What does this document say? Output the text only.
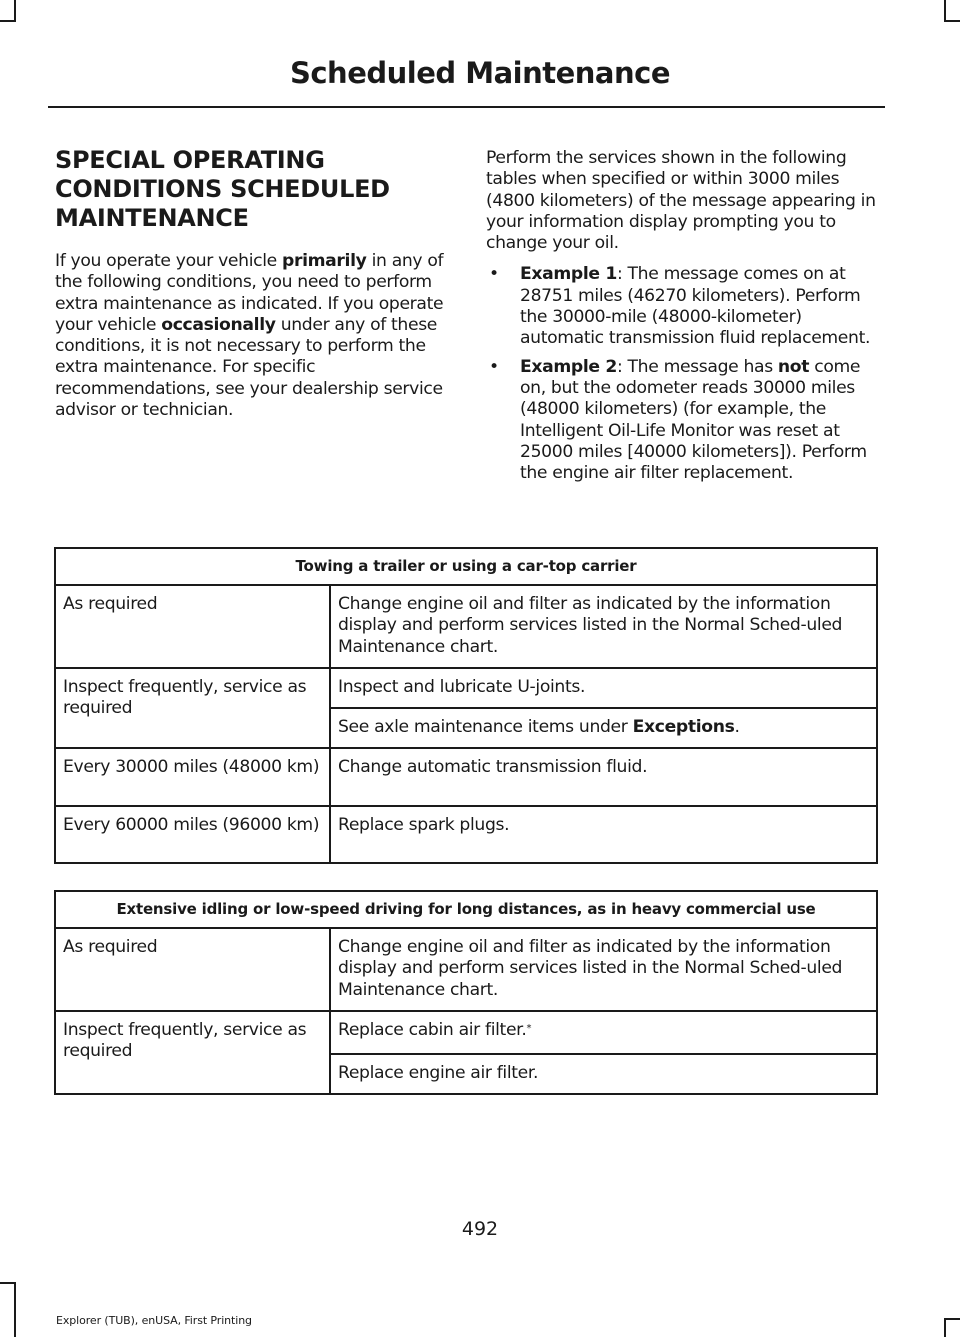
Scheduled Maintenance
SPECIAL OPERATING
CONDITIONS SCHEDULED
MAINTENANCE

If you operate your vehicle primarily in any of the following conditions, you need to perform extra maintenance as indicated. If you operate your vehicle occasionally under any of these conditions, it is not necessary to perform the extra maintenance. For specific recommendations, see your dealership service advisor or technician.

Perform the services shown in the following tables when specified or within 3000 miles (4800 kilometers) of the message appearing in your information display prompting you to change your oil.

• Example 1: The message comes on at 28751 miles (46270 kilometers). Perform the 30000-mile (48000-kilometer) automatic transmission fluid replacement.
• Example 2: The message has not come on, but the odometer reads 30000 miles (48000 kilometers) (for example, the Intelligent Oil-Life Monitor was reset at 25000 miles [40000 kilometers]). Perform the engine air filter replacement.
Towing a trailer or using a car-top carrier	
As required	Change engine oil and filter as indicated by the information display and perform services listed in the Normal Sched-uled Maintenance chart.
Inspect frequently, service as required	Inspect and lubricate U-joints.
	See axle maintenance items under Exceptions.
Every 30000 miles (48000 km)	Change automatic transmission fluid.
Every 60000 miles (96000 km)	Replace spark plugs.
Extensive idling or low-speed driving for long distances, as in heavy commercial use	
As required	Change engine oil and filter as indicated by the information display and perform services listed in the Normal Sched-uled Maintenance chart.
Inspect frequently, service as required	Replace cabin air filter.*
	Replace engine air filter.
492
Explorer (TUB), enUSA, First Printing
